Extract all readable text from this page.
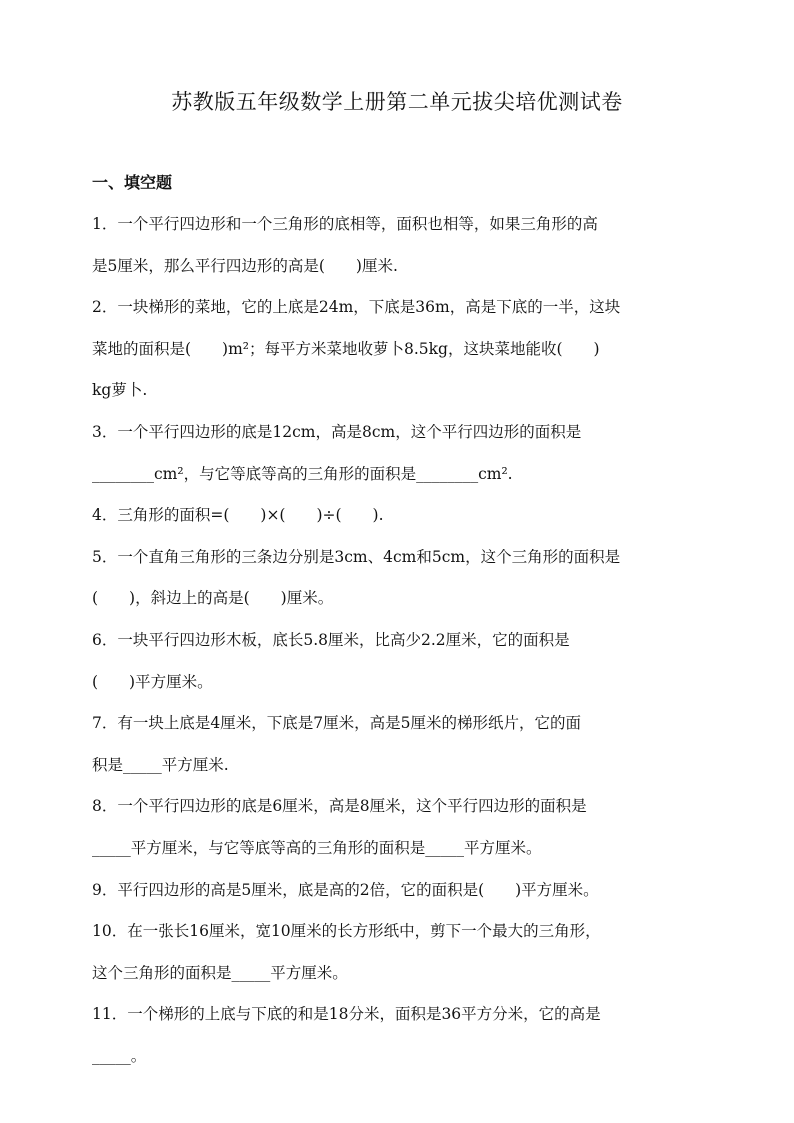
苏教版五年级数学上册第二单元拔尖培优测试卷
一、填空题
1．一个平行四边形和一个三角形的底相等，面积也相等，如果三角形的高
是5厘米，那么平行四边形的高是(　　)厘米.
2．一块梯形的菜地，它的上底是24m，下底是36m，高是下底的一半，这块
菜地的面积是(　　)m²；每平方米菜地收萝卜8.5kg，这块菜地能收(　　)
kg萝卜.
3．一个平行四边形的底是12cm，高是8cm，这个平行四边形的面积是
________cm²，与它等底等高的三角形的面积是________cm².
4．三角形的面积=(　　)×(　　)÷(　　).
5．一个直角三角形的三条边分别是3cm、4cm和5cm，这个三角形的面积是
(　　)，斜边上的高是(　　)厘米。
6．一块平行四边形木板，底长5.8厘米，比高少2.2厘米，它的面积是
(　　)平方厘米。
7．有一块上底是4厘米，下底是7厘米，高是5厘米的梯形纸片，它的面
积是_____平方厘米.
8．一个平行四边形的底是6厘米，高是8厘米，这个平行四边形的面积是
_____平方厘米，与它等底等高的三角形的面积是_____平方厘米。
9．平行四边形的高是5厘米，底是高的2倍，它的面积是(　　)平方厘米。
10．在一张长16厘米，宽10厘米的长方形纸中，剪下一个最大的三角形，
这个三角形的面积是_____平方厘米。
11．一个梯形的上底与下底的和是18分米，面积是36平方分米，它的高是
_____。
